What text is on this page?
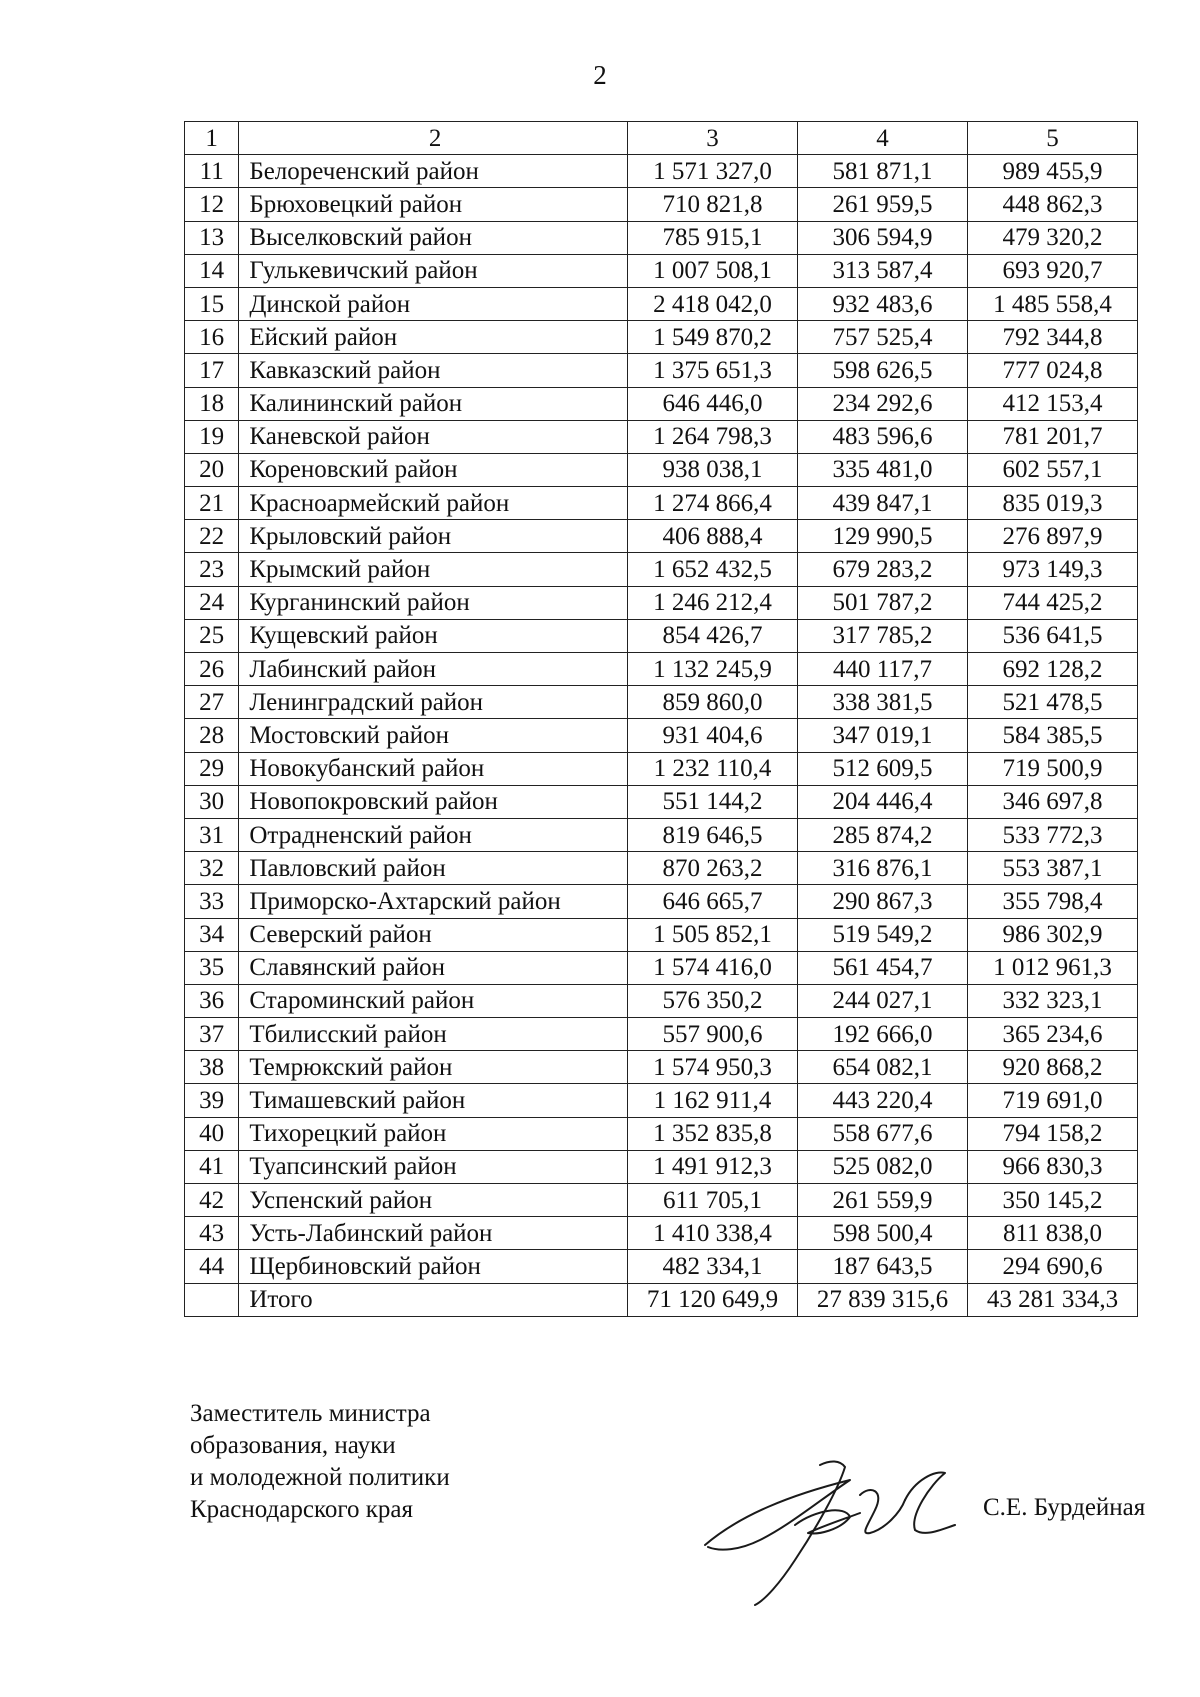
2
1	2	3	4	5
11	Белореченский район	1 571 327,0	581 871,1	989 455,9
12	Брюховецкий район	710 821,8	261 959,5	448 862,3
13	Выселковский район	785 915,1	306 594,9	479 320,2
14	Гулькевичский район	1 007 508,1	313 587,4	693 920,7
15	Динской район	2 418 042,0	932 483,6	1 485 558,4
16	Ейский район	1 549 870,2	757 525,4	792 344,8
17	Кавказский район	1 375 651,3	598 626,5	777 024,8
18	Калининский район	646 446,0	234 292,6	412 153,4
19	Каневской район	1 264 798,3	483 596,6	781 201,7
20	Кореновский район	938 038,1	335 481,0	602 557,1
21	Красноармейский район	1 274 866,4	439 847,1	835 019,3
22	Крыловский район	406 888,4	129 990,5	276 897,9
23	Крымский район	1 652 432,5	679 283,2	973 149,3
24	Курганинский район	1 246 212,4	501 787,2	744 425,2
25	Кущевский район	854 426,7	317 785,2	536 641,5
26	Лабинский район	1 132 245,9	440 117,7	692 128,2
27	Ленинградский район	859 860,0	338 381,5	521 478,5
28	Мостовский район	931 404,6	347 019,1	584 385,5
29	Новокубанский район	1 232 110,4	512 609,5	719 500,9
30	Новопокровский район	551 144,2	204 446,4	346 697,8
31	Отрадненский район	819 646,5	285 874,2	533 772,3
32	Павловский район	870 263,2	316 876,1	553 387,1
33	Приморско-Ахтарский район	646 665,7	290 867,3	355 798,4
34	Северский район	1 505 852,1	519 549,2	986 302,9
35	Славянский район	1 574 416,0	561 454,7	1 012 961,3
36	Староминский район	576 350,2	244 027,1	332 323,1
37	Тбилисский район	557 900,6	192 666,0	365 234,6
38	Темрюкский район	1 574 950,3	654 082,1	920 868,2
39	Тимашевский район	1 162 911,4	443 220,4	719 691,0
40	Тихорецкий район	1 352 835,8	558 677,6	794 158,2
41	Туапсинский район	1 491 912,3	525 082,0	966 830,3
42	Успенский район	611 705,1	261 559,9	350 145,2
43	Усть-Лабинский район	1 410 338,4	598 500,4	811 838,0
44	Щербиновский район	482 334,1	187 643,5	294 690,6
	Итого	71 120 649,9	27 839 315,6	43 281 334,3
Заместитель министра
образования, науки
и молодежной политики
Краснодарского края	С.Е. Бурдейная
